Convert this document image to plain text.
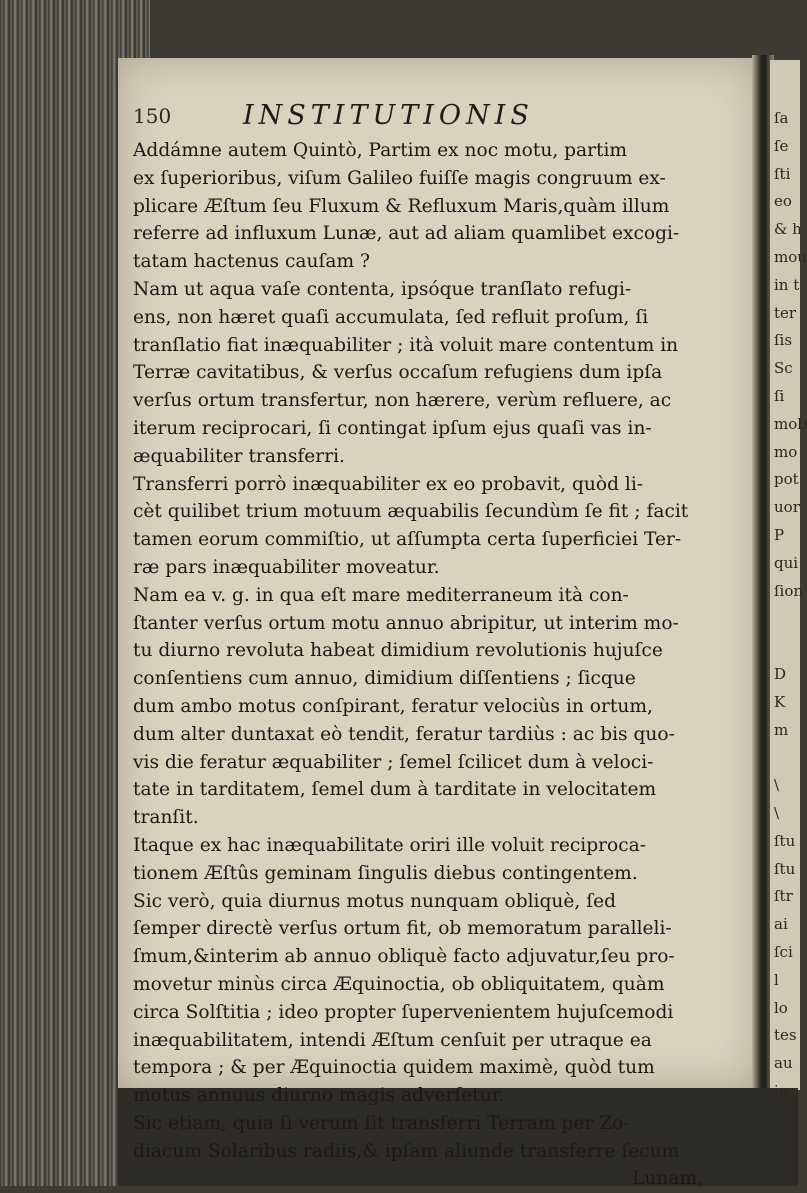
150	INSTITUTIONIS
Addámne autem Quintò, Partim ex noc motu, partim
ex ſuperioribus, viſum Galileo fuiſſe magis congruum ex-
plicare Æſtum ſeu Fluxum & Refluxum Maris,quàm illum
referre ad influxum Lunæ, aut ad aliam quamlibet excogi-
tatam hactenus cauſam ?
Nam ut aqua vaſe contenta, ipsóque tranſlato refugi-
ens, non hæret quaſi accumulata, ſed refluit proſum, ſi
tranſlatio fiat inæquabiliter ; ità voluit mare contentum in
Terræ cavitatibus, & verſus occaſum refugiens dum ipſa
verſus ortum transfertur, non hærere, verùm refluere, ac
iterum reciprocari, ſi contingat ipſum ejus quaſi vas in-
æquabiliter transferri.
Transferri porrò inæquabiliter ex eo probavit, quòd li-
cèt quilibet trium motuum æquabilis ſecundùm ſe fit ; facit
tamen eorum commiſtio, ut aſſumpta certa ſuperficiei Ter-
ræ pars inæquabiliter moveatur.
Nam ea v. g. in qua eſt mare mediterraneum ità con-
ſtanter verſus ortum motu annuo abripitur, ut interim mo-
tu diurno revoluta habeat dimidium revolutionis hujuſce
conſentiens cum annuo, dimidium diſſentiens ; ſicque
dum ambo motus conſpirant, feratur velociùs in ortum,
dum alter duntaxat eò tendit, feratur tardiùs : ac bis quo-
vis die feratur æquabiliter ; ſemel ſcilicet dum à veloci-
tate in tarditatem, ſemel dum à tarditate in velocitatem
tranſit.
Itaque ex hac inæquabilitate oriri ille voluit reciproca-
tionem Æſtûs geminam ſingulis diebus contingentem.
Sic verò, quia diurnus motus nunquam obliquè, ſed
ſemper directè verſus ortum fit, ob memoratum paralleli-
ſmum,&interim ab annuo obliquè facto adjuvatur,ſeu pro-
movetur minùs circa Æquinoctia, ob obliquitatem, quàm
circa Solſtitia ; ideo propter ſupervenientem hujuſcemodi
inæquabilitatem, intendi Æſtum cenſuit per utraque ea
tempora ; & per Æquinoctia quidem maximè, quòd tum
motus annuus diurno magis adverſetur.
Sic etiam, quia ſi verum ſit transferri Terram per Zo-
diacum Solaribus radiis,& ipſam aliunde transferre ſecum
Lunam,
ſa
ſe
ſti
eo
& h
mou
in t
ter
ſis
Sc
ſi
mob
mo
pot
uor
P
qui
ſion
D
K
m
\
\
ſtu
ſtu
ſtr
ai
ſci
l
lo
tes
au
in
